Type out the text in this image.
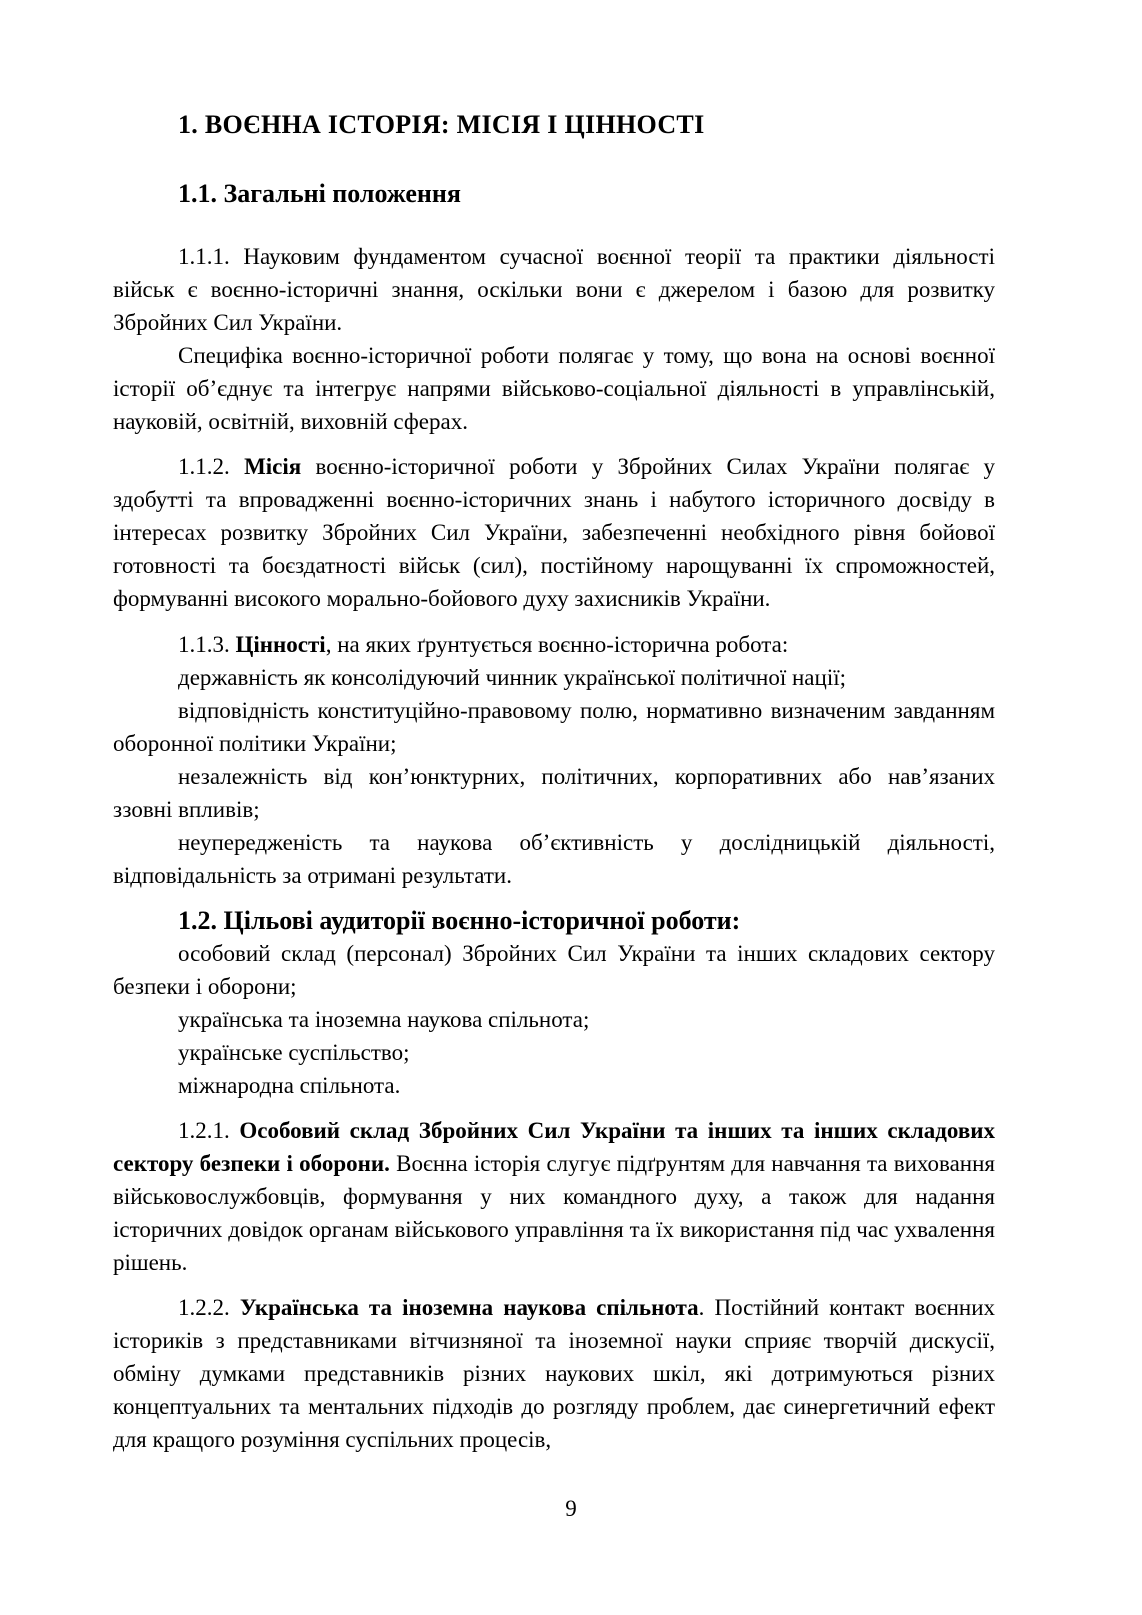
1. ВОЄННА ІСТОРІЯ: МІСІЯ І ЦІННОСТІ
1.1. Загальні положення

1.1.1. Науковим фундаментом сучасної воєнної теорії та практики діяльності військ є воєнно-історичні знання, оскільки вони є джерелом і базою для розвитку Збройних Сил України.

Специфіка воєнно-історичної роботи полягає у тому, що вона на основі воєнної історії об’єднує та інтегрує напрями військово-соціальної діяльності в управлінській, науковій, освітній, виховній сферах.

1.1.2. Місія воєнно-історичної роботи у Збройних Силах України полягає у здобутті та впровадженні воєнно-історичних знань і набутого історичного досвіду в інтересах розвитку Збройних Сил України, забезпеченні необхідного рівня бойової готовності та боєздатності військ (сил), постійному нарощуванні їх спроможностей, формуванні високого морально-бойового духу захисників України.

1.1.3. Цінності, на яких ґрунтується воєнно-історична робота:

державність як консолідуючий чинник української політичної нації;

відповідність конституційно-правовому полю, нормативно визначеним завданням оборонної політики України;

незалежність від кон’юнктурних, політичних, корпоративних або нав’язаних ззовні впливів;

неупередженість та наукова об’єктивність у дослідницькій діяльності, відповідальність за отримані результати.

1.2. Цільові аудиторії воєнно-історичної роботи:

особовий склад (персонал) Збройних Сил України та інших складових сектору безпеки і оборони;

українська та іноземна наукова спільнота;

українське суспільство;

міжнародна спільнота.

1.2.1. Особовий склад Збройних Сил України та інших та інших складових сектору безпеки і оборони. Воєнна історія слугує підґрунтям для навчання та виховання військовослужбовців, формування у них командного духу, а також для надання історичних довідок органам військового управління та їх використання під час ухвалення рішень.

1.2.2. Українська та іноземна наукова спільнота. Постійний контакт воєнних істориків з представниками вітчизняної та іноземної науки сприяє творчій дискусії, обміну думками представників різних наукових шкіл, які дотримуються різних концептуальних та ментальних підходів до розгляду проблем, дає синергетичний ефект для кращого розуміння суспільних процесів,

9
